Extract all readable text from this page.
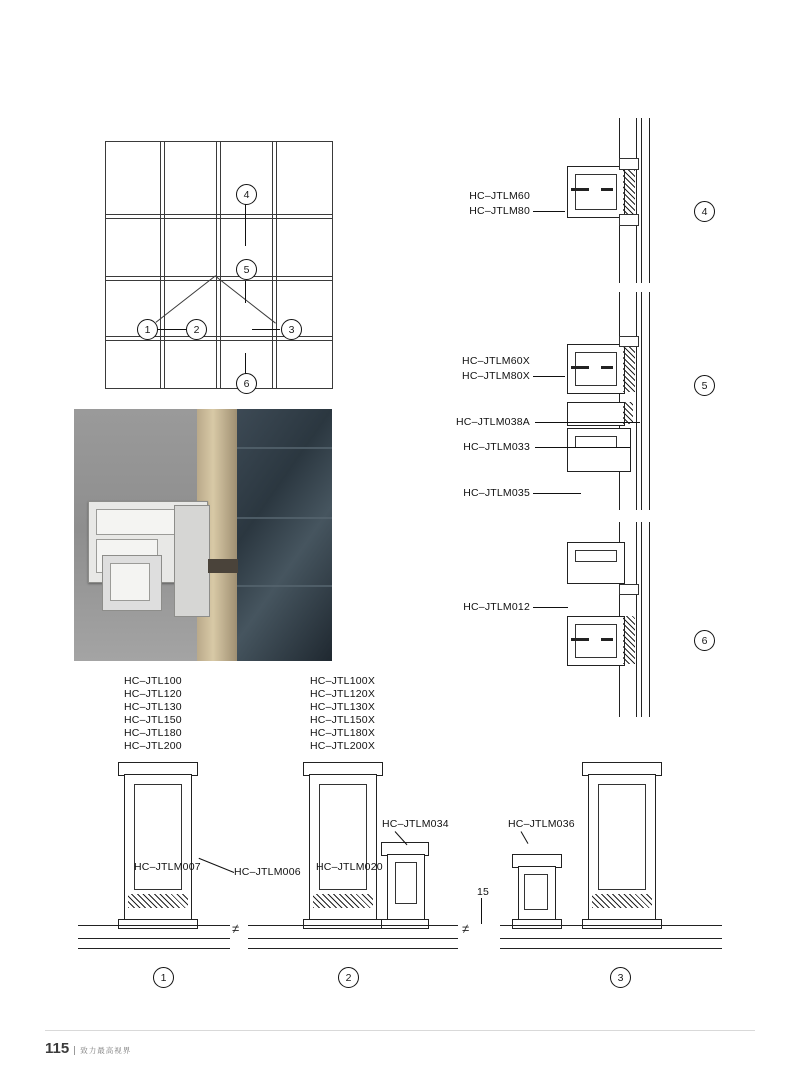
4
5
6
1	2	3
HC–JTLM60
HC–JTLM80	4
HC–JTLM60X
HC–JTLM80X
HC–JTLM038A
HC–JTLM033
HC–JTLM035
5
HC–JTLM012
6
HC–JTL100
HC–JTL120
HC–JTL130
HC–JTL150
HC–JTL180
HC–JTL200
HC–JTL100X
HC–JTL120X
HC–JTL130X
HC–JTL150X
HC–JTL180X
HC–JTL200X
HC–JTLM007	HC–JTLM006 HC–JTLM020
HC–JTLM034
15
HC–JTLM036
≠	≠
1	2	3
115 致力最高视界
